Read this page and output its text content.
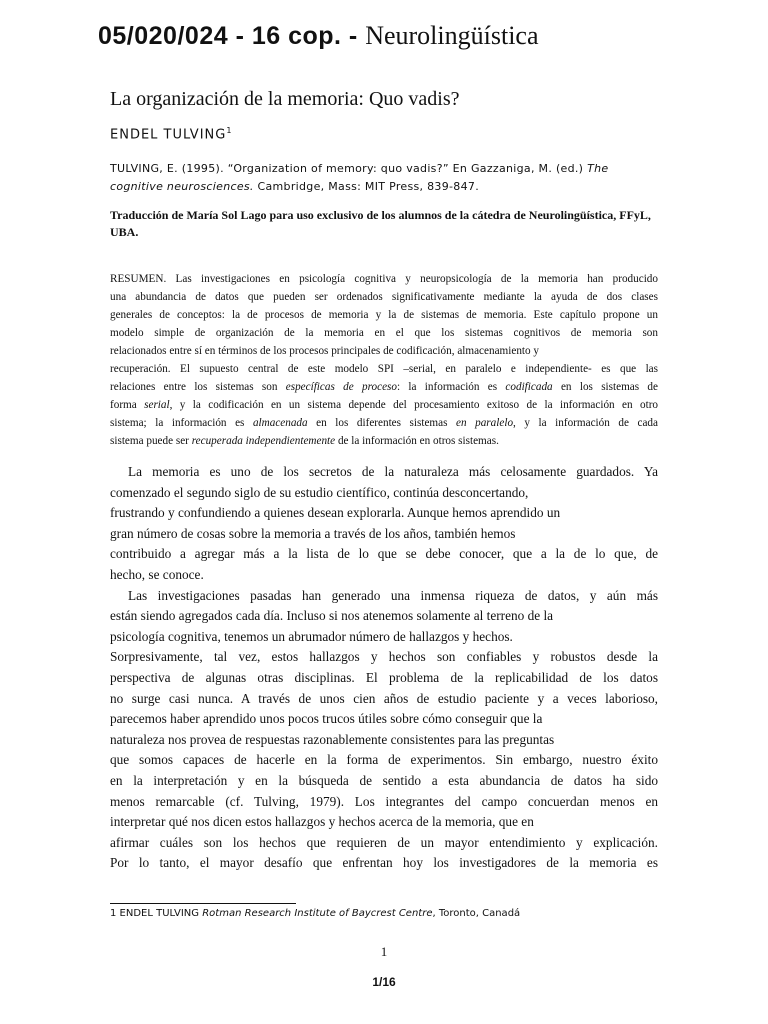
05/020/024 - 16 cop. - Neurolingüística
La organización de la memoria: Quo vadis?
ENDEL TULVING$^1$
TULVING, E. (1995). “Organization of memory: quo vadis?” En Gazzaniga, M. (ed.) The cognitive neurosciences. Cambridge, Mass: MIT Press, 839-847.
Traducción de María Sol Lago para uso exclusivo de los alumnos de la cátedra de Neurolingüística, FFyL, UBA.
RESUMEN. Las investigaciones en psicología cognitiva y neuropsicología de la memoria han producido
una abundancia de datos que pueden ser ordenados significativamente mediante la ayuda de dos clases
generales de conceptos: la de procesos de memoria y la de sistemas de memoria. Este capítulo propone un
modelo simple de organización de la memoria en el que los sistemas cognitivos de memoria son
relacionados entre sí en términos de los procesos principales de codificación, almacenamiento y
recuperación. El supuesto central de este modelo SPI –serial, en paralelo e independiente- es que las
relaciones entre los sistemas son específicas de proceso: la información es codificada en los sistemas de
forma serial, y la codificación en un sistema depende del procesamiento exitoso de la información en otro
sistema; la información es almacenada en los diferentes sistemas en paralelo, y la información de cada
sistema puede ser recuperada independientemente de la información en otros sistemas.
La memoria es uno de los secretos de la naturaleza más celosamente guardados. Ya
comenzado el segundo siglo de su estudio científico, continúa desconcertando,
frustrando y confundiendo a quienes desean explorarla. Aunque hemos aprendido un
gran número de cosas sobre la memoria a través de los años, también hemos
contribuido a agregar más a la lista de lo que se debe conocer, que a la de lo que, de
hecho, se conoce.
Las investigaciones pasadas han generado una inmensa riqueza de datos, y aún más
están siendo agregados cada día. Incluso si nos atenemos solamente al terreno de la
psicología cognitiva, tenemos un abrumador número de hallazgos y hechos.
Sorpresivamente, tal vez, estos hallazgos y hechos son confiables y robustos desde la
perspectiva de algunas otras disciplinas. El problema de la replicabilidad de los datos
no surge casi nunca. A través de unos cien años de estudio paciente y a veces laborioso,
parecemos haber aprendido unos pocos trucos útiles sobre cómo conseguir que la
naturaleza nos provea de respuestas razonablemente consistentes para las preguntas
que somos capaces de hacerle en la forma de experimentos. Sin embargo, nuestro éxito
en la interpretación y en la búsqueda de sentido a esta abundancia de datos ha sido
menos remarcable (cf. Tulving, 1979). Los integrantes del campo concuerdan menos en
interpretar qué nos dicen estos hallazgos y hechos acerca de la memoria, que en
afirmar cuáles son los hechos que requieren de un mayor entendimiento y explicación.
Por lo tanto, el mayor desafío que enfrentan hoy los investigadores de la memoria es
1 ENDEL TULVING Rotman Research Institute of Baycrest Centre, Toronto, Canadá
1
1/16
